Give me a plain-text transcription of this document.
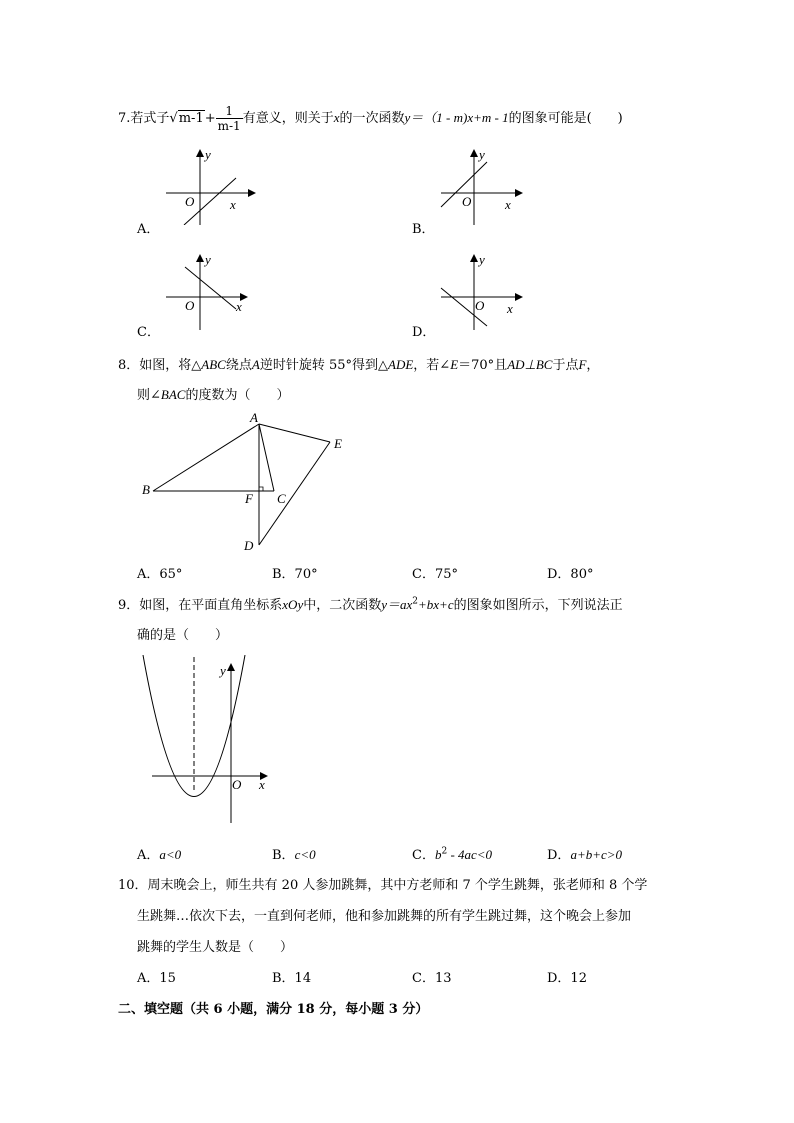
7.若式子$√m-1+ \frac{1}{m-1}$ 有意义，则关于x的一次函数y＝（1 - m)x+m - 1的图象可能是(　　)
A．
y
x
O
B．
y
x
O
C．
y
x
O
D．
y
x
O
8．如图，将△ABC绕点A逆时针旋转 55°得到△ADE，若∠E＝70°且AD⊥BC于点F，
则∠BAC的度数为（　　）
A
B
C
D
E
F
A．65°	B．70°	C．75°	D．80°
9．如图，在平面直角坐标系xOy中，二次函数$y=ax^2+bx+c$的图象如图所示，下列说法正
确的是（　　）
y
x
O
A．a<0	B．c<0	C．$b^2 - 4ac<0$	D．a+b+c>0
10．周末晚会上，师生共有 20 人参加跳舞，其中方老师和 7 个学生跳舞，张老师和 8 个学
生跳舞…依次下去，一直到何老师，他和参加跳舞的所有学生跳过舞，这个晚会上参加
跳舞的学生人数是（　　）
A．15	B．14	C．13	D．12
二、填空题（共 6 小题，满分 18 分，每小题 3 分）
